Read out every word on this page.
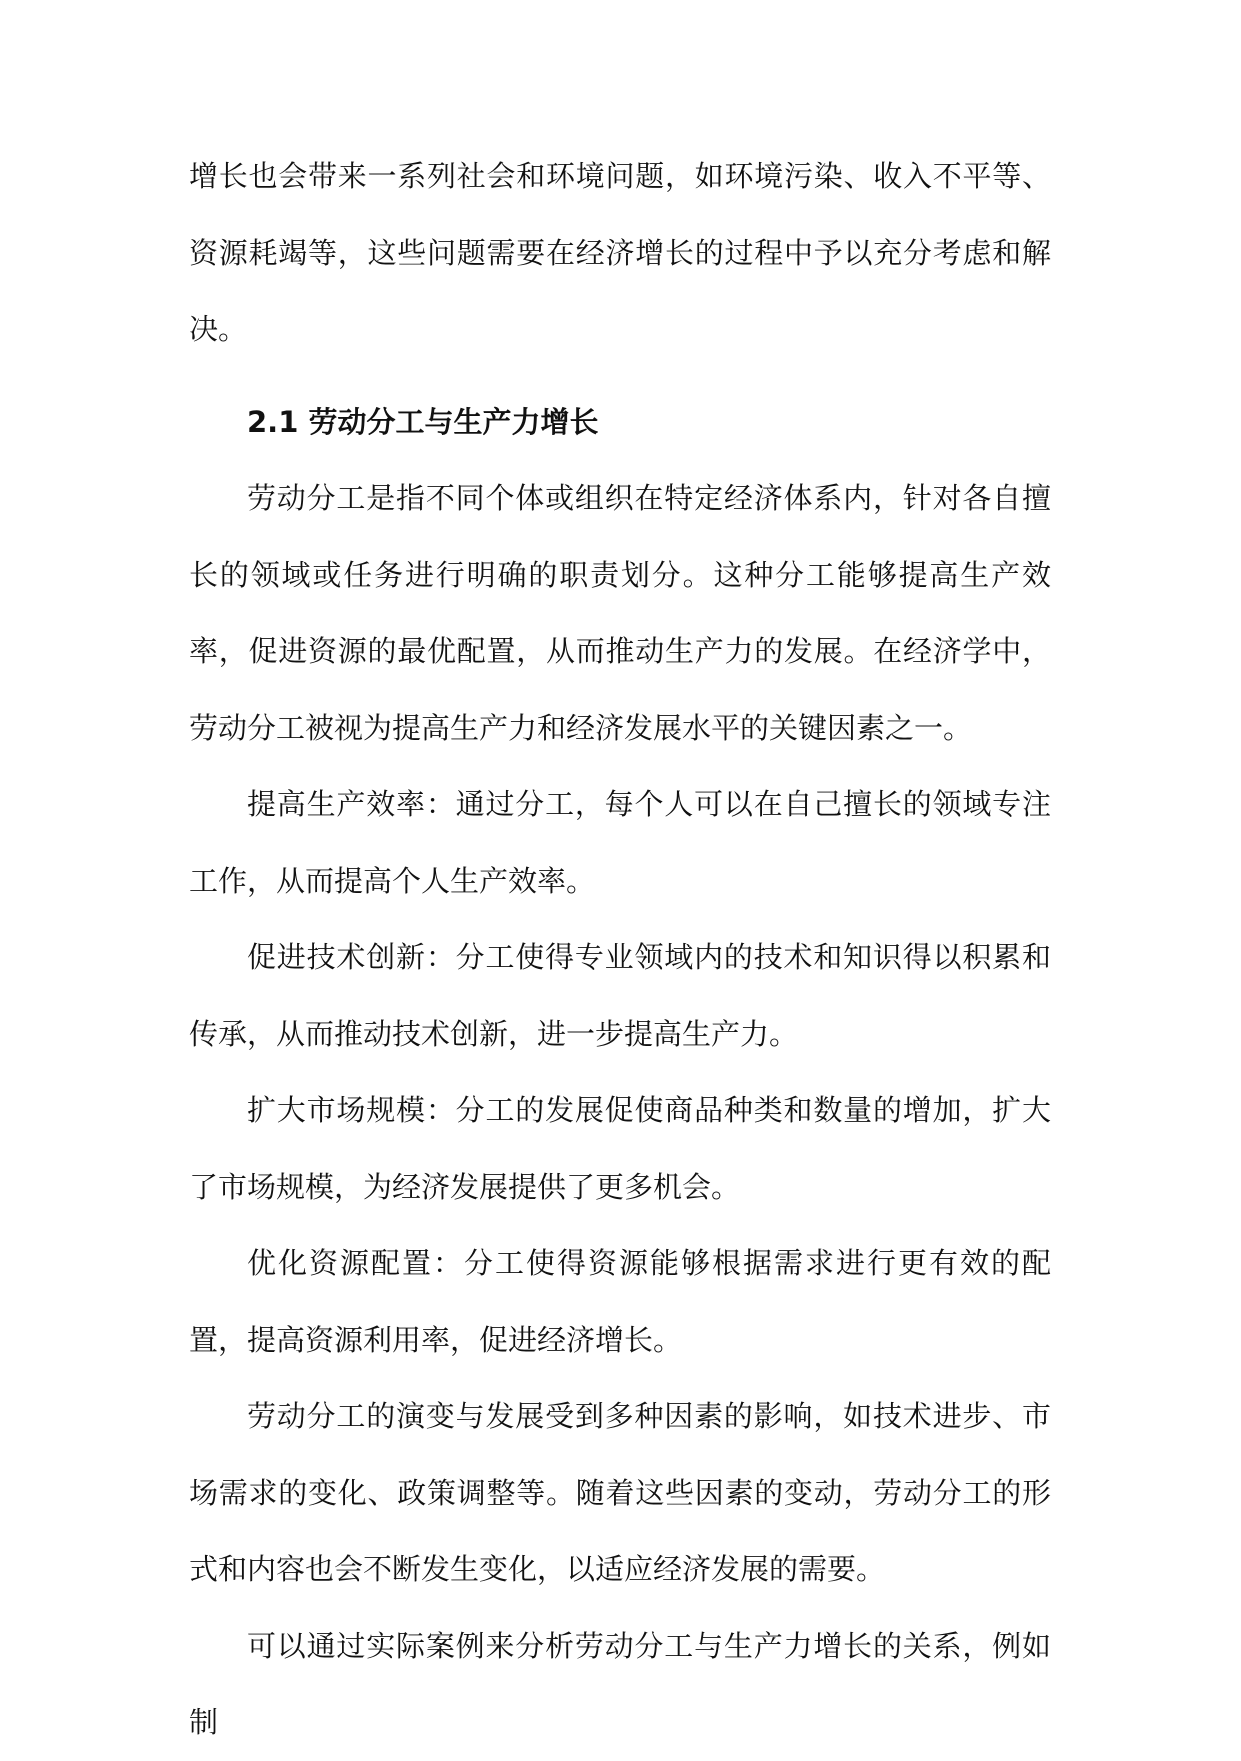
增长也会带来一系列社会和环境问题，如环境污染、收入不平等、资源耗竭等，这些问题需要在经济增长的过程中予以充分考虑和解决。

2.1 劳动分工与生产力增长

劳动分工是指不同个体或组织在特定经济体系内，针对各自擅长的领域或任务进行明确的职责划分。这种分工能够提高生产效率，促进资源的最优配置，从而推动生产力的发展。在经济学中，劳动分工被视为提高生产力和经济发展水平的关键因素之一。

提高生产效率：通过分工，每个人可以在自己擅长的领域专注工作，从而提高个人生产效率。

促进技术创新：分工使得专业领域内的技术和知识得以积累和传承，从而推动技术创新，进一步提高生产力。

扩大市场规模：分工的发展促使商品种类和数量的增加，扩大了市场规模，为经济发展提供了更多机会。

优化资源配置：分工使得资源能够根据需求进行更有效的配置，提高资源利用率，促进经济增长。

劳动分工的演变与发展受到多种因素的影响，如技术进步、市场需求的变化、政策调整等。随着这些因素的变动，劳动分工的形式和内容也会不断发生变化，以适应经济发展的需要。

可以通过实际案例来分析劳动分工与生产力增长的关系，例如制
